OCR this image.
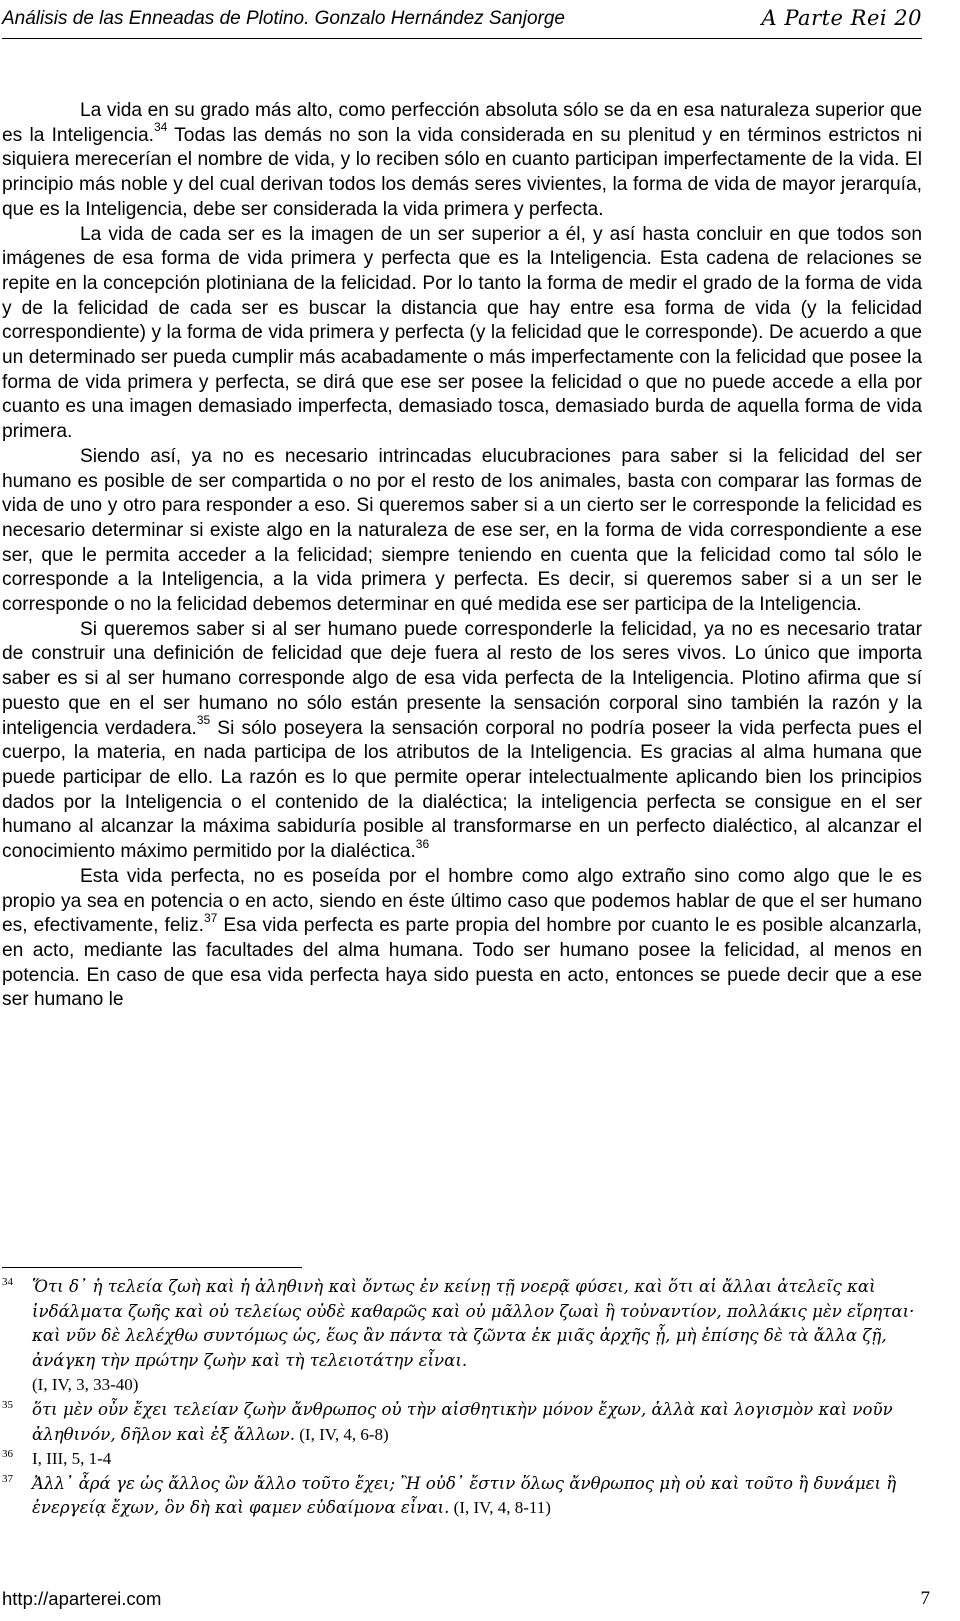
Análisis de las Enneadas de Plotino. Gonzalo Hernández Sanjorge	A Parte Rei 20

La vida en su grado más alto, como perfección absoluta sólo se da en esa naturaleza superior que es la Inteligencia.$^{34}$ Todas las demás no son la vida considerada en su plenitud y en términos estrictos ni siquiera merecerían el nombre de vida, y lo reciben sólo en cuanto participan imperfectamente de la vida. El principio más noble y del cual derivan todos los demás seres vivientes, la forma de vida de mayor jerarquía, que es la Inteligencia, debe ser considerada la vida primera y perfecta.

La vida de cada ser es la imagen de un ser superior a él, y así hasta concluir en que todos son imágenes de esa forma de vida primera y perfecta que es la Inteligencia. Esta cadena de relaciones se repite en la concepción plotiniana de la felicidad. Por lo tanto la forma de medir el grado de la forma de vida y de la felicidad de cada ser es buscar la distancia que hay entre esa forma de vida (y la felicidad correspondiente) y la forma de vida primera y perfecta (y la felicidad que le corresponde). De acuerdo a que un determinado ser pueda cumplir más acabadamente o más imperfectamente con la felicidad que posee la forma de vida primera y perfecta, se dirá que ese ser posee la felicidad o que no puede accede a ella por cuanto es una imagen demasiado imperfecta, demasiado tosca, demasiado burda de aquella forma de vida primera.

Siendo así, ya no es necesario intrincadas elucubraciones para saber si la felicidad del ser humano es posible de ser compartida o no por el resto de los animales, basta con comparar las formas de vida de uno y otro para responder a eso. Si queremos saber si a un cierto ser le corresponde la felicidad es necesario determinar si existe algo en la naturaleza de ese ser, en la forma de vida correspondiente a ese ser, que le permita acceder a la felicidad; siempre teniendo en cuenta que la felicidad como tal sólo le corresponde a la Inteligencia, a la vida primera y perfecta. Es decir, si queremos saber si a un ser le corresponde o no la felicidad debemos determinar en qué medida ese ser participa de la Inteligencia.

Si queremos saber si al ser humano puede corresponderle la felicidad, ya no es necesario tratar de construir una definición de felicidad que deje fuera al resto de los seres vivos. Lo único que importa saber es si al ser humano corresponde algo de esa vida perfecta de la Inteligencia. Plotino afirma que sí puesto que en el ser humano no sólo están presente la sensación corporal sino también la razón y la inteligencia verdadera.$^{35}$ Si sólo poseyera la sensación corporal no podría poseer la vida perfecta pues el cuerpo, la materia, en nada participa de los atributos de la Inteligencia. Es gracias al alma humana que puede participar de ello. La razón es lo que permite operar intelectualmente aplicando bien los principios dados por la Inteligencia o el contenido de la dialéctica; la inteligencia perfecta se consigue en el ser humano al alcanzar la máxima sabiduría posible al transformarse en un perfecto dialéctico, al alcanzar el conocimiento máximo permitido por la dialéctica.$^{36}$

Esta vida perfecta, no es poseída por el hombre como algo extraño sino como algo que le es propio ya sea en potencia o en acto, siendo en éste último caso que podemos hablar de que el ser humano es, efectivamente, feliz.$^{37}$ Esa vida perfecta es parte propia del hombre por cuanto le es posible alcanzarla, en acto, mediante las facultades del alma humana. Todo ser humano posee la felicidad, al menos en potencia. En caso de que esa vida perfecta haya sido puesta en acto, entonces se puede decir que a ese ser humano le

34 Ὅτι δ᾽ ἡ τελεία ζωὴ καὶ ἡ ἀληθινὴ καὶ ὄντως ἐν κείνῃ τῇ νοερᾷ φύσει, καὶ ὅτι αἱ ἄλλαι ἀτελεῖς καὶ ἰνδάλματα ζωῆς καὶ οὐ τελείως οὐδὲ καθαρῶς καὶ οὐ μᾶλλον ζωαὶ ἢ τοὐναντίον, πολλάκις μὲν εἴρηται· καὶ νῦν δὲ λελέχθω συντόμως ὡς, ἕως ἂν πάντα τὰ ζῶντα ἐκ μιᾶς ἀρχῆς ᾖ, μὴ ἐπίσης δὲ τὰ ἄλλα ζῇ, ἀνάγκη τὴν πρώτην ζωὴν καὶ τὴ τελειοτάτην εἶναι.
(I, IV, 3, 33-40)
35 ὅτι μὲν οὖν ἔχει τελείαν ζωὴν ἄνθρωπος οὐ τὴν αἰσθητικὴν μόνον ἔχων, ἀλλὰ καὶ λογισμὸν καὶ νοῦν ἀληθινόν, δῆλον καὶ ἐξ ἄλλων. (I, IV, 4, 6-8)
36 I, III, 5, 1-4
37 Ἀλλ᾽ ἆρά γε ὡς ἄλλος ὢν ἄλλο τοῦτο ἔχει; Ἢ οὐδ᾽ ἔστιν ὅλως ἄνθρωπος μὴ οὐ καὶ τοῦτο ἢ δυνάμει ἢ ἐνεργείᾳ ἔχων, ὃν δὴ καὶ φαμεν εὐδαίμονα εἶναι. (I, IV, 4, 8-11)
http://aparterei.com	7
